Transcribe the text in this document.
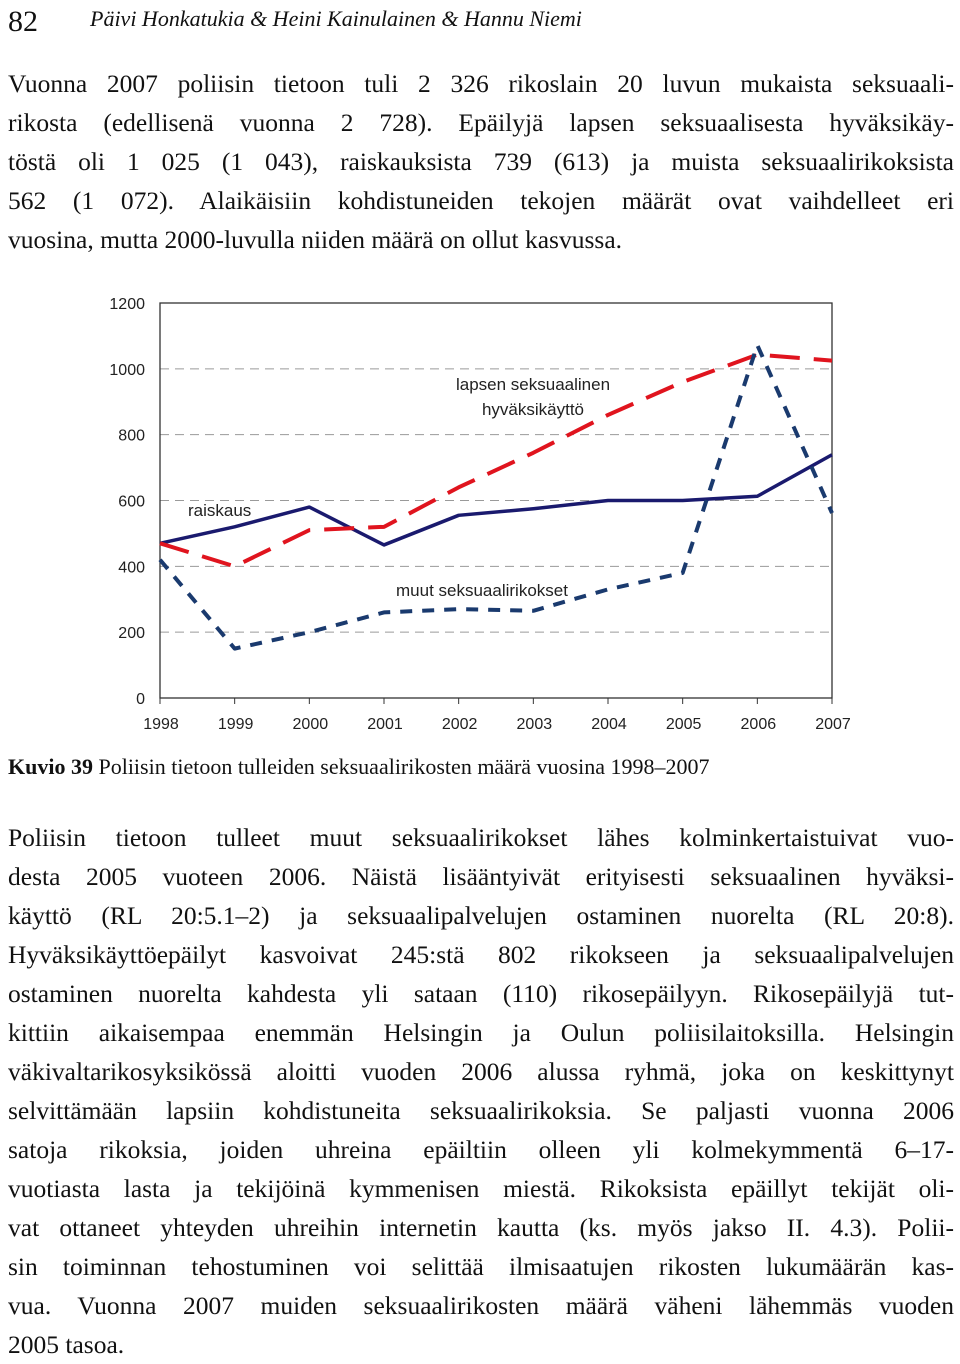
82 Päivi Honkatukia & Heini Kainulainen & Hannu Niemi
Vuonna 2007 poliisin tietoon tuli 2 326 rikoslain 20 luvun mukaista seksuaali-
rikosta (edellisenä vuonna 2 728). Epäilyjä lapsen seksuaalisesta hyväksikäy-
töstä oli 1 025 (1 043), raiskauksista 739 (613) ja muista seksuaalirikoksista
562 (1 072). Alaikäisiin kohdistuneiden tekojen määrät ovat vaihdelleet eri
vuosina, mutta 2000-luvulla niiden määrä on ollut kasvussa.
0
200
400
600
800
1000
1200
1998 1999 2000 2001 2002 2003 2004 2005 2006 2007
raiskaus
lapsen seksuaalinen
hyväksikäyttö
muut seksuaalirikokset
Kuvio 39 Poliisin tietoon tulleiden seksuaalirikosten määrä vuosina 1998–2007
Poliisin tietoon tulleet muut seksuaalirikokset lähes kolminkertaistuivat vuo-
desta 2005 vuoteen 2006. Näistä lisääntyivät erityisesti seksuaalinen hyväksi-
käyttö (RL 20:5.1–2) ja seksuaalipalvelujen ostaminen nuorelta (RL 20:8).
Hyväksikäyttöepäilyt kasvoivat 245:stä 802 rikokseen ja seksuaalipalvelujen
ostaminen nuorelta kahdesta yli sataan (110) rikosepäilyyn. Rikosepäilyjä tut-
kittiin aikaisempaa enemmän Helsingin ja Oulun poliisilaitoksilla. Helsingin
väkivaltarikosyksikössä aloitti vuoden 2006 alussa ryhmä, joka on keskittynyt
selvittämään lapsiin kohdistuneita seksuaalirikoksia. Se paljasti vuonna 2006
satoja rikoksia, joiden uhreina epäiltiin olleen yli kolmekymmentä 6–17-
vuotiasta lasta ja tekijöinä kymmenisen miestä. Rikoksista epäillyt tekijät oli-
vat ottaneet yhteyden uhreihin internetin kautta (ks. myös jakso II. 4.3). Polii-
sin toiminnan tehostuminen voi selittää ilmisaatujen rikosten lukumäärän kas-
vua. Vuonna 2007 muiden seksuaalirikosten määrä väheni lähemmäs vuoden
2005 tasoa.
